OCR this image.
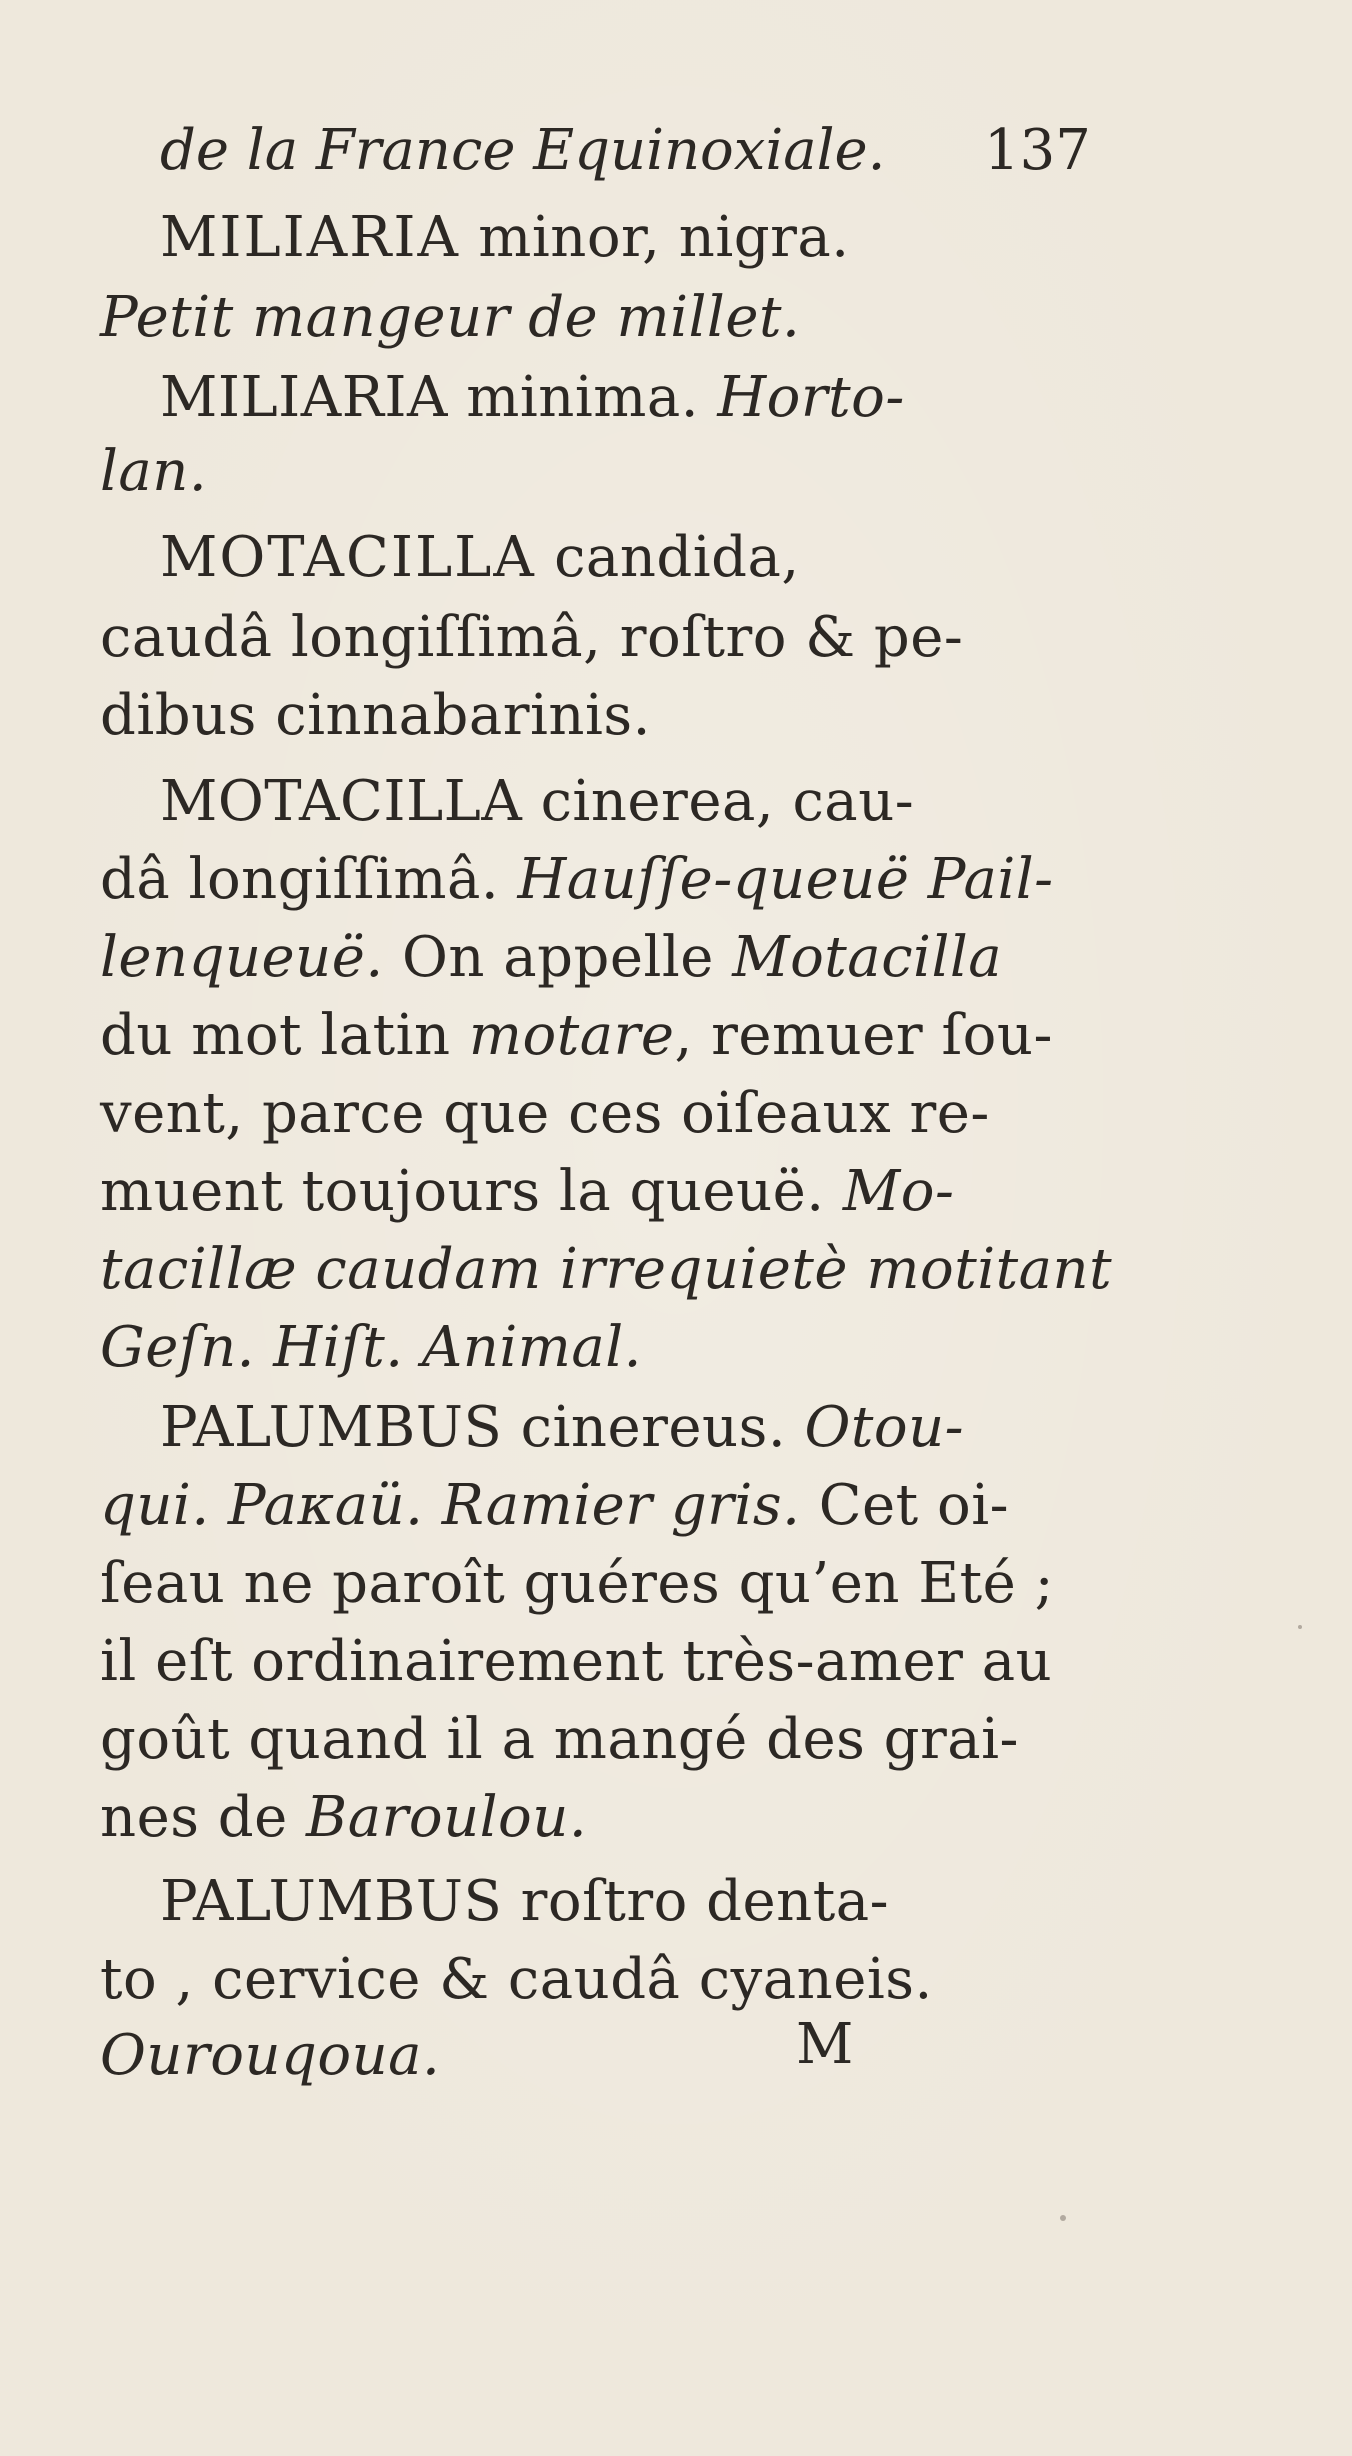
de la France Equinoxiale. 137
MILIARIA minor, nigra.
Petit mangeur de millet.
MILIARIA minima. Horto-
lan.
MOTACILLA candida,
caudâ longiſſimâ, roſtro & pe-
dibus cinnabarinis.
MOTACILLA cinerea, cau-
dâ longiſſimâ. Hauſſe-queuë Pail-
lenqueuë. On appelle Motacilla
du mot latin motare, remuer ſou-
vent, parce que ces oiſeaux re-
muent toujours la queuë. Mo-
tacillæ caudam irrequietè motitant
Geſn. Hiſt. Animal.
PALUMBUS cinereus. Otou-
qui. Paκaü. Ramier gris. Cet oi-
ſeau ne paroît guéres qu’en Eté ;
il eſt ordinairement très-amer au
goût quand il a mangé des grai-
nes de Baroulou.
PALUMBUS roſtro denta-
to , cervice & caudâ cyaneis.
Ourouqoua.	M
